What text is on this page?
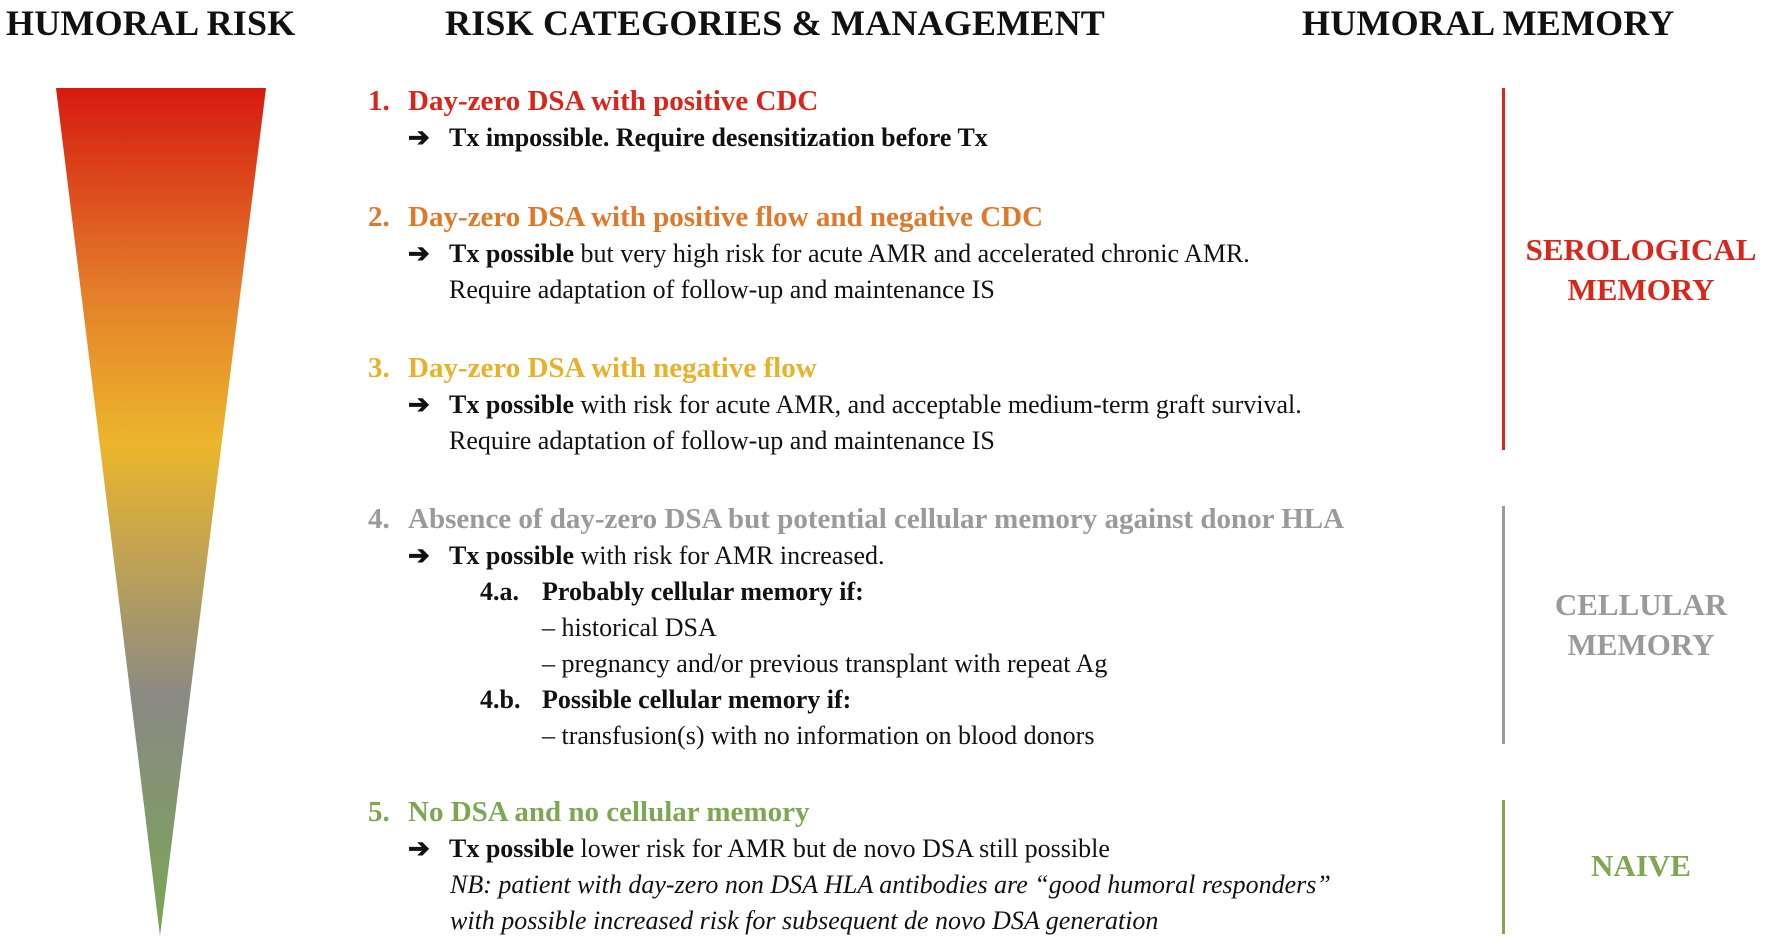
HUMORAL RISK	RISK CATEGORIES & MANAGEMENT	HUMORAL MEMORY
1. Day-zero DSA with positive CDC
➔ Tx impossible. Require desensitization before Tx
2. Day-zero DSA with positive flow and negative CDC
➔ Tx possible but very high risk for acute AMR and accelerated chronic AMR.
Require adaptation of follow-up and maintenance IS
3. Day-zero DSA with negative flow
➔ Tx possible with risk for acute AMR, and acceptable medium-term graft survival.
Require adaptation of follow-up and maintenance IS
4. Absence of day-zero DSA but potential cellular memory against donor HLA
➔ Tx possible with risk for AMR increased.
4.a. Probably cellular memory if:
– historical DSA
– pregnancy and/or previous transplant with repeat Ag
4.b. Possible cellular memory if:
– transfusion(s) with no information on blood donors
5. No DSA and no cellular memory
➔ Tx possible lower risk for AMR but de novo DSA still possible
NB: patient with day-zero non DSA HLA antibodies are “good humoral responders”
with possible increased risk for subsequent de novo DSA generation
SEROLOGICAL
MEMORY
CELLULAR
MEMORY
NAIVE
